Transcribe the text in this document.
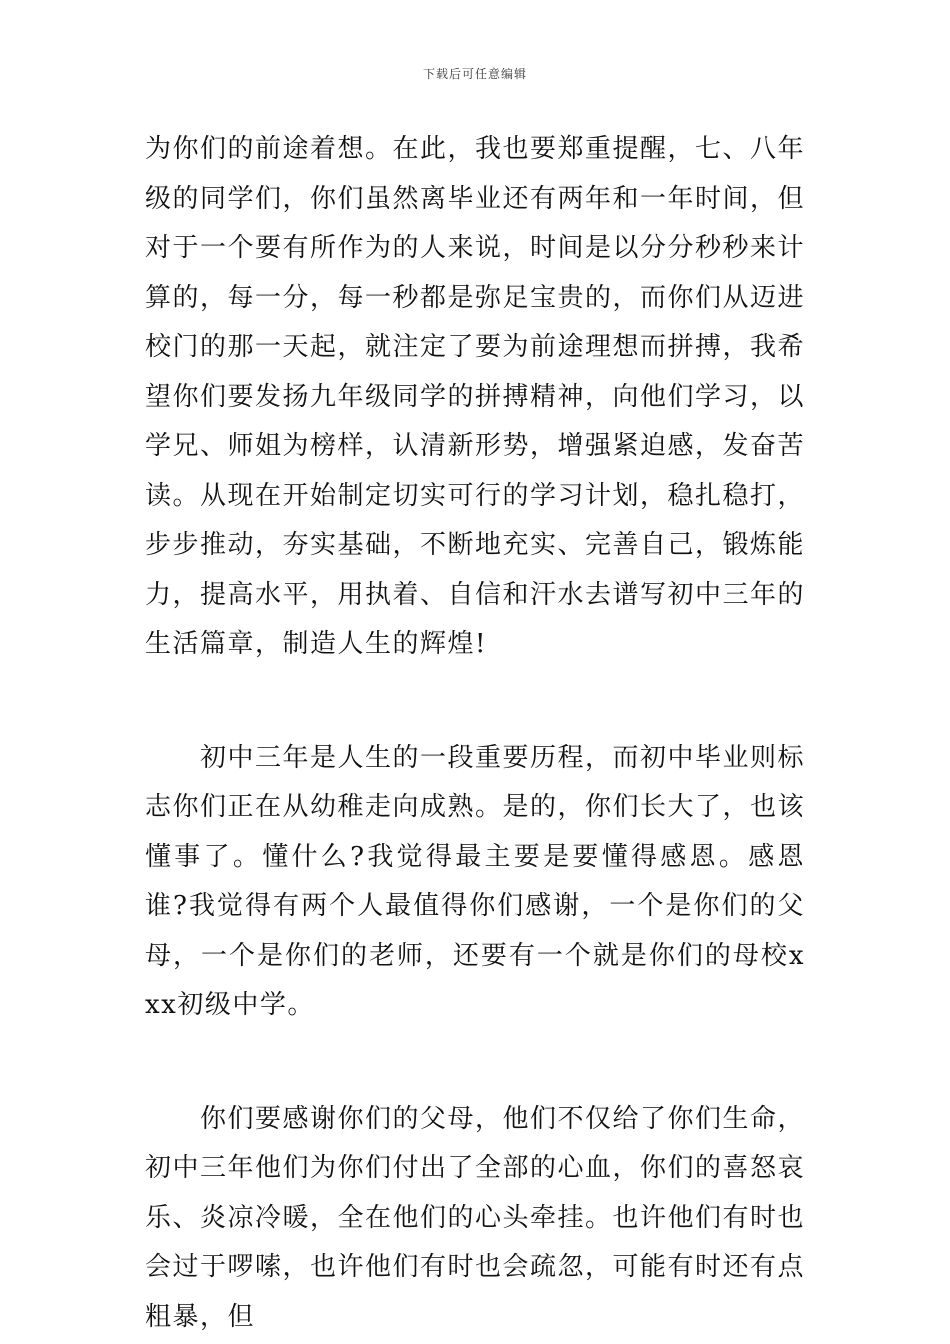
下载后可任意编辑

为你们的前途着想。在此，我也要郑重提醒，七、八年级的同学们，你们虽然离毕业还有两年和一年时间，但对于一个要有所作为的人来说，时间是以分分秒秒来计算的，每一分，每一秒都是弥足宝贵的，而你们从迈进校门的那一天起，就注定了要为前途理想而拼搏，我希望你们要发扬九年级同学的拼搏精神，向他们学习，以学兄、师姐为榜样，认清新形势，增强紧迫感，发奋苦读。从现在开始制定切实可行的学习计划，稳扎稳打，步步推动，夯实基础，不断地充实、完善自己，锻炼能力，提高水平，用执着、自信和汗水去谱写初中三年的生活篇章，制造人生的辉煌!

初中三年是人生的一段重要历程，而初中毕业则标志你们正在从幼稚走向成熟。是的，你们长大了，也该懂事了。懂什么?我觉得最主要是要懂得感恩。感恩谁?我觉得有两个人最值得你们感谢，一个是你们的父母，一个是你们的老师，还要有一个就是你们的母校xxx初级中学。

你们要感谢你们的父母，他们不仅给了你们生命，初中三年他们为你们付出了全部的心血，你们的喜怒哀乐、炎凉冷暖，全在他们的心头牵挂。也许他们有时也会过于啰嗦，也许他们有时也会疏忽，可能有时还有点粗暴，但
